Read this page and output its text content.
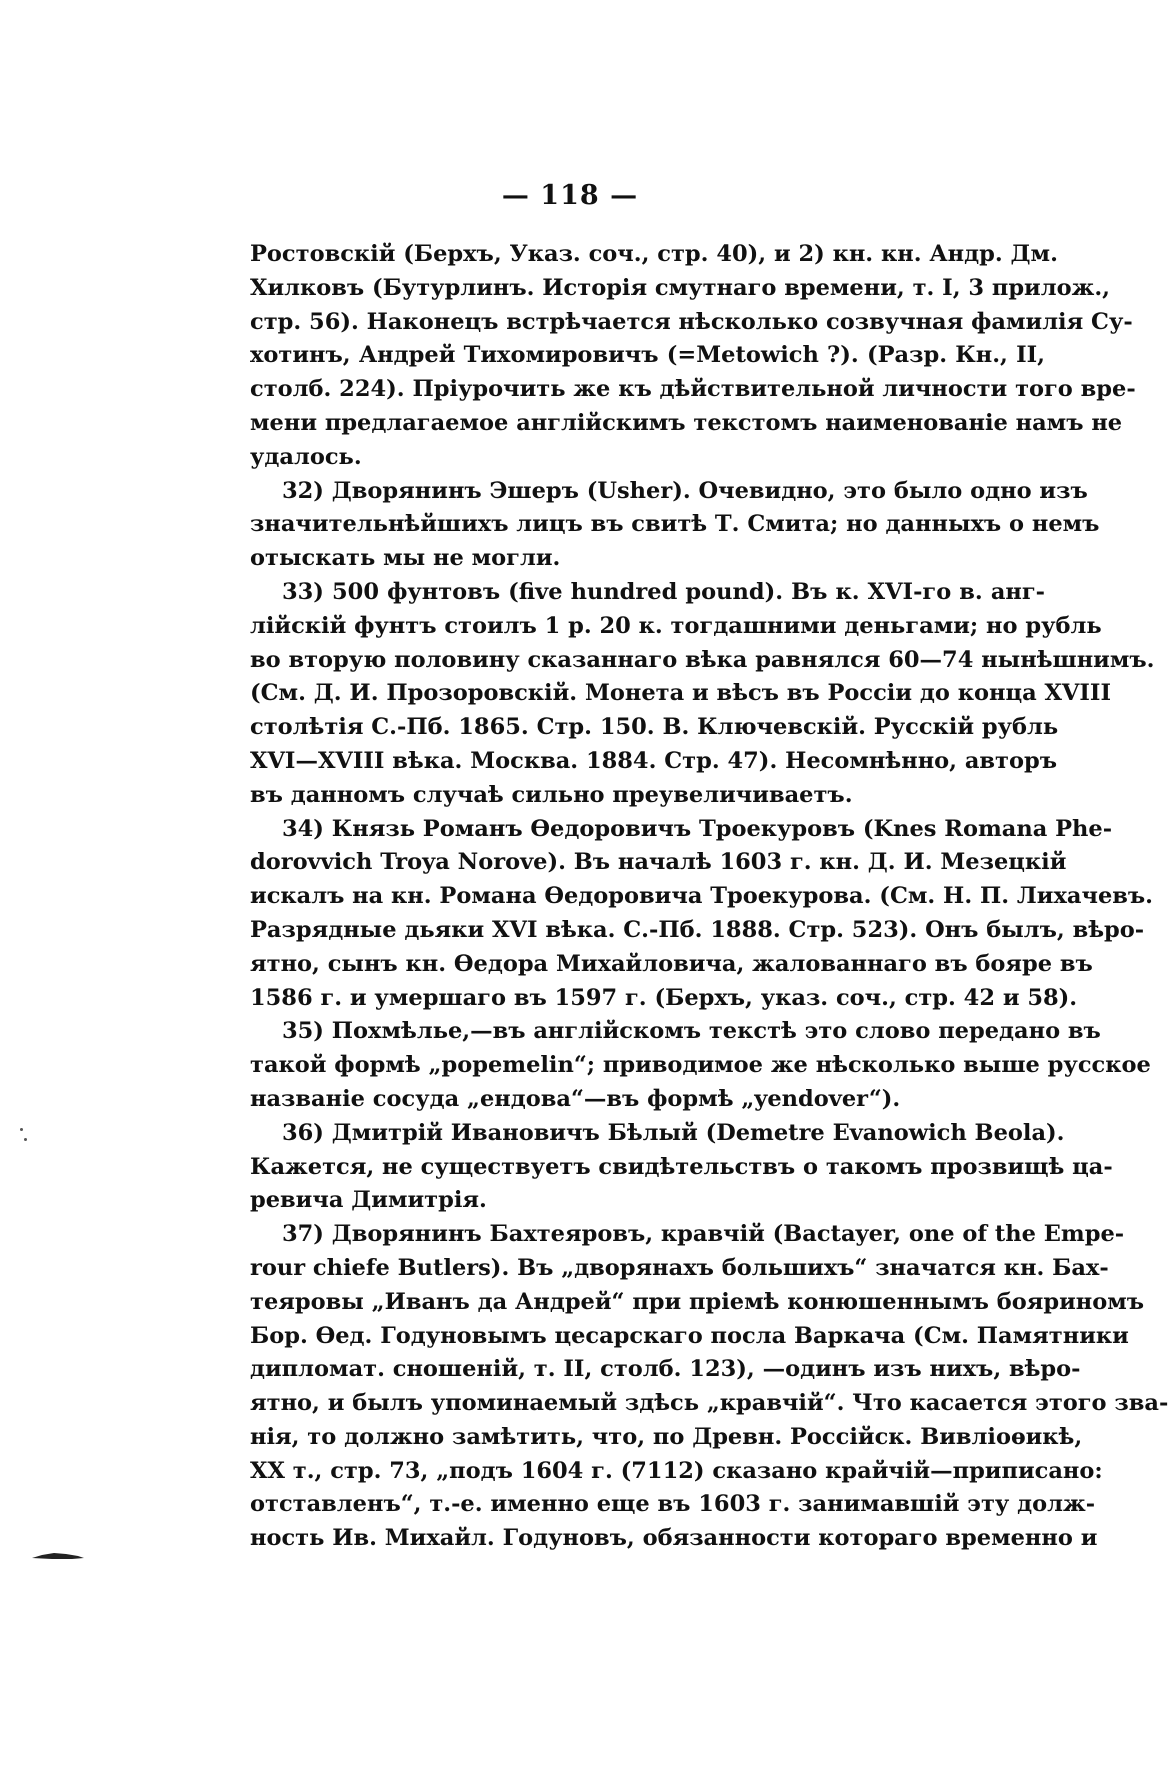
— 118 —
Ростовскій (Берхъ, Указ. соч., стр. 40), и 2) кн. кн. Андр. Дм.
Хилковъ (Бутурлинъ. Исторія смутнаго времени, т. I, 3 прилож.,
стр. 56). Наконецъ встрѣчается нѣсколько созвучная фамилія Су-
хотинъ, Андрей Тихомировичъ (=Metowich ?). (Разр. Кн., II,
столб. 224). Пріурочить же къ дѣйствительной личности того вре-
мени предлагаемое англійскимъ текстомъ наименованіе намъ не
удалось.
32) Дворянинъ Эшеръ (Usher). Очевидно, это было одно изъ
значительнѣйшихъ лицъ въ свитѣ Т. Смита; но данныхъ о немъ
отыскать мы не могли.
33) 500 фунтовъ (five hundred pound). Въ к. XVI-го в. анг-
лійскій фунтъ стоилъ 1 р. 20 к. тогдашними деньгами; но рубль
во вторую половину сказаннаго вѣка равнялся 60—74 нынѣшнимъ.
(См. Д. И. Прозоровскій. Монета и вѣсъ въ Россіи до конца XVIII
столѣтія С.-Пб. 1865. Стр. 150. В. Ключевскій. Русскій рубль
XVI—XVIII вѣка. Москва. 1884. Стр. 47). Несомнѣнно, авторъ
въ данномъ случаѣ сильно преувеличиваетъ.
34) Князь Романъ Ѳедоровичъ Троекуровъ (Knes Romana Phe-
dorovvich Troya Norove). Въ началѣ 1603 г. кн. Д. И. Мезецкій
искалъ на кн. Романа Ѳедоровича Троекурова. (См. Н. П. Лихачевъ.
Разрядные дьяки XVI вѣка. С.-Пб. 1888. Стр. 523). Онъ былъ, вѣро-
ятно, сынъ кн. Ѳедора Михайловича, жалованнаго въ бояре въ
1586 г. и умершаго въ 1597 г. (Берхъ, указ. соч., стр. 42 и 58).
35) Похмѣлье,—въ англійскомъ текстѣ это слово передано въ
такой формѣ „popemelin“; приводимое же нѣсколько выше русское
названіе сосуда „ендова“—въ формѣ „yendover“).
36) Дмитрій Ивановичъ Бѣлый (Demetre Evanowich Beola).
Кажется, не существуетъ свидѣтельствъ о такомъ прозвищѣ ца-
ревича Димитрія.
37) Дворянинъ Бахтеяровъ, кравчій (Bactayer, one of the Empe-
rour chiefe Butlers). Въ „дворянахъ большихъ“ значатся кн. Бах-
тeяровы „Иванъ да Андрей“ при пріемѣ конюшеннымъ бояриномъ
Бор. Ѳед. Годуновымъ цесарскаго посла Варкача (См. Памятники
дипломат. сношеній, т. II, столб. 123), —одинъ изъ нихъ, вѣро-
ятно, и былъ упоминаемый здѣсь „кравчій“. Что касается этого зва-
нія, то должно замѣтить, что, по Древн. Россійск. Вивліоѳикѣ,
XX т., стр. 73, „подъ 1604 г. (7112) сказано крайчій—приписано:
отставленъ“, т.-е. именно еще въ 1603 г. занимавшій эту долж-
ность Ив. Михайл. Годуновъ, обязанности котораго временно и
